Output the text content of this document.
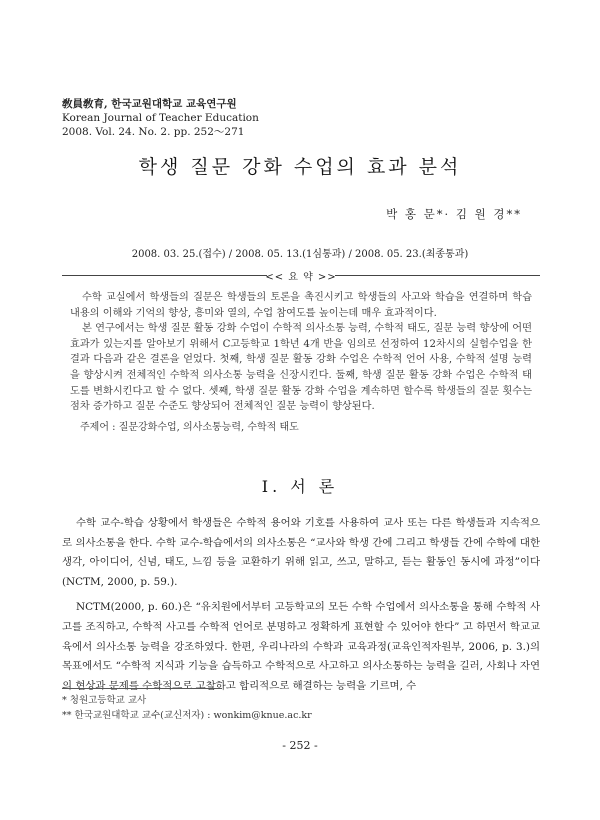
敎員敎育, 한국교원대학교 교육연구원
Korean Journal of Teacher Education
2008. Vol. 24. No. 2. pp. 252～271
학생 질문 강화 수업의 효과 분석
박 홍 문*· 김 원 경**
2008. 03. 25.(접수) / 2008. 05. 13.(1심통과) / 2008. 05. 23.(최종통과)
<< 요 약 >>

수학 교실에서 학생들의 질문은 학생들의 토론을 촉진시키고 학생들의 사고와 학습을 연결하며 학습 내용의 이해와 기억의 향상, 흥미와 열의, 수업 참여도를 높이는데 매우 효과적이다.

본 연구에서는 학생 질문 활동 강화 수업이 수학적 의사소통 능력, 수학적 태도, 질문 능력 향상에 어떤 효과가 있는지를 알아보기 위해서 C고등학교 1학년 4개 반을 임의로 선정하여 12차시의 실험수업을 한 결과 다음과 같은 결론을 얻었다. 첫째, 학생 질문 활동 강화 수업은 수학적 언어 사용, 수학적 설명 능력을 향상시켜 전체적인 수학적 의사소통 능력을 신장시킨다. 둘째, 학생 질문 활동 강화 수업은 수학적 태도를 변화시킨다고 할 수 없다. 셋째, 학생 질문 활동 강화 수업을 계속하면 할수록 학생들의 질문 횟수는 점차 증가하고 질문 수준도 향상되어 전체적인 질문 능력이 향상된다.

주제어 : 질문강화수업, 의사소통능력, 수학적 태도
Ⅰ. 서 론

수학 교수-학습 상황에서 학생들은 수학적 용어와 기호를 사용하여 교사 또는 다른 학생들과 지속적으로 의사소통을 한다. 수학 교수-학습에서의 의사소통은 “교사와 학생 간에 그리고 학생들 간에 수학에 대한 생각, 아이디어, 신념, 태도, 느낌 등을 교환하기 위해 읽고, 쓰고, 말하고, 듣는 활동인 동시에 과정”이다 (NCTM, 2000, p. 59.).

NCTM(2000, p. 60.)은 “유치원에서부터 고등학교의 모든 수학 수업에서 의사소통을 통해 수학적 사고를 조직하고, 수학적 사고를 수학적 언어로 분명하고 정확하게 표현할 수 있어야 한다” 고 하면서 학교교육에서 의사소통 능력을 강조하였다. 한편, 우리나라의 수학과 교육과정(교육인적자원부, 2006, p. 3.)의 목표에서도 “수학적 지식과 기능을 습득하고 수학적으로 사고하고 의사소통하는 능력을 길러, 사회나 자연의 현상과 문제를 수학적으로 고찰하고 합리적으로 해결하는 능력을 기르며, 수

* 청원고등학교 교사
** 한국교원대학교 교수(교신저자) : wonkim@knue.ac.kr
- 252 -
